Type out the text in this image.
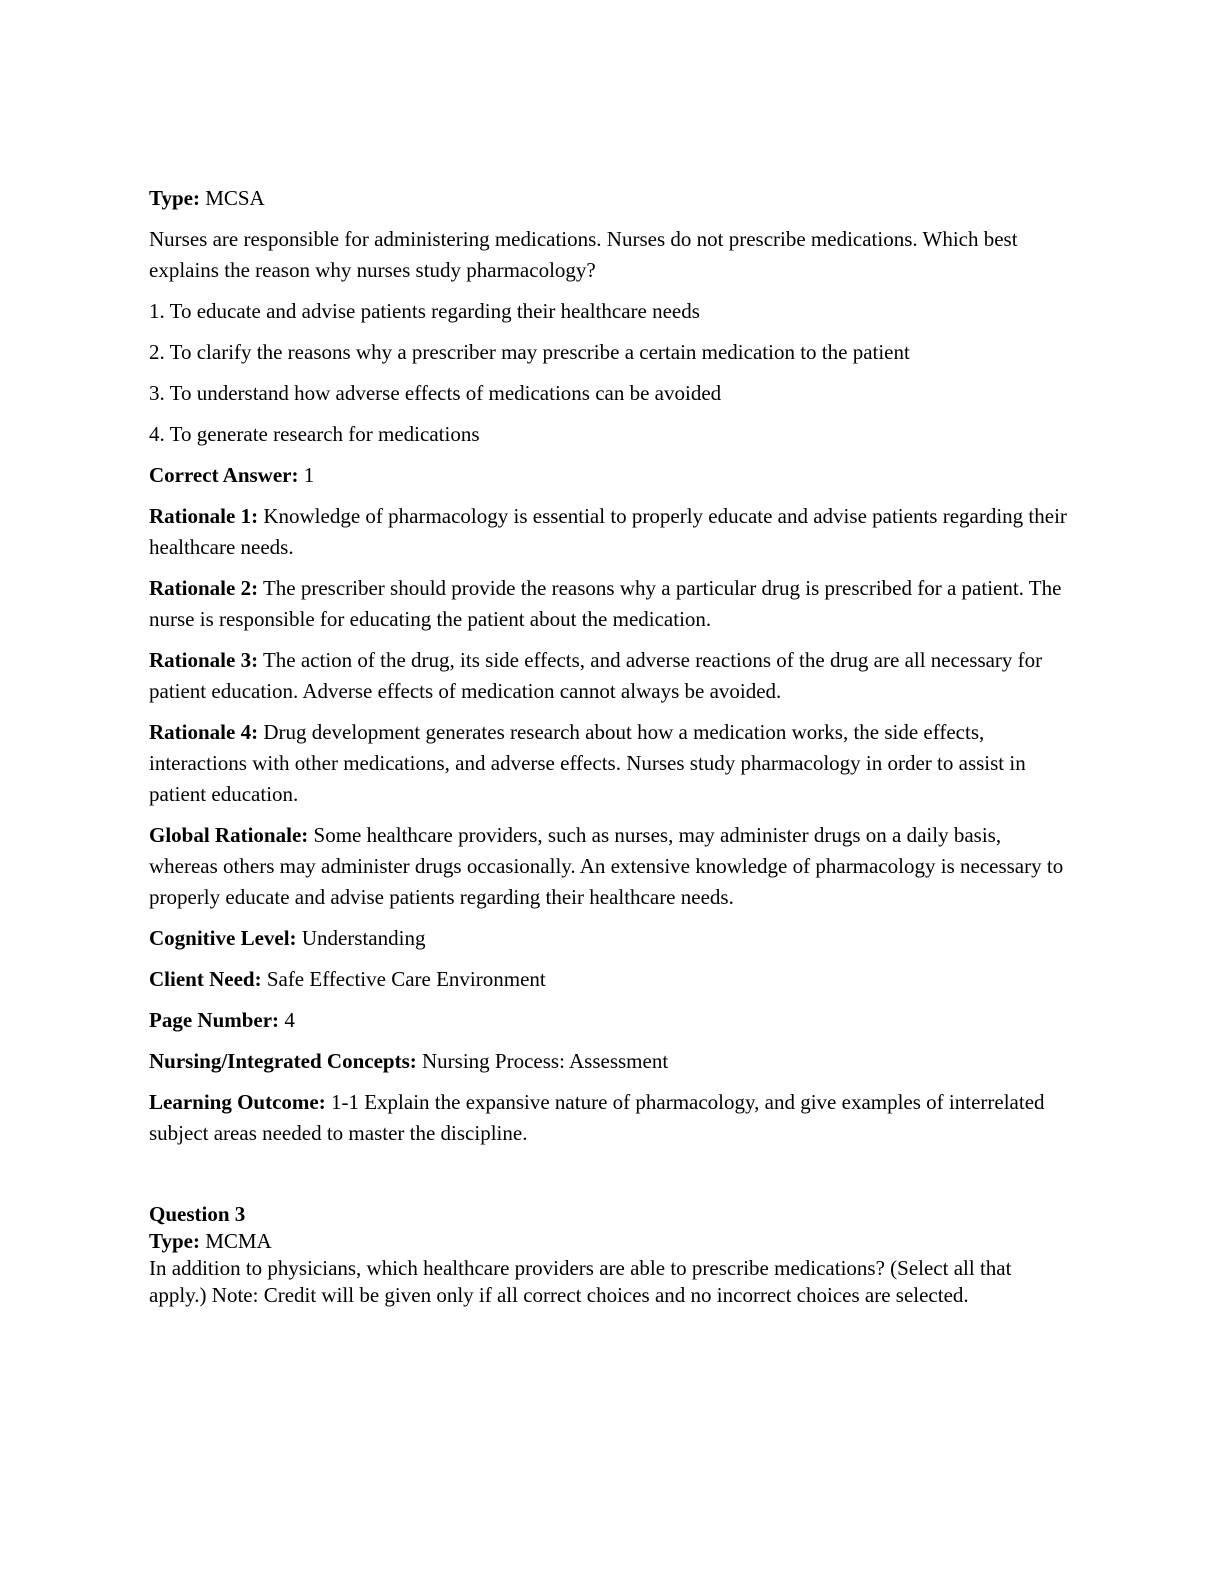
Type: MCSA

Nurses are responsible for administering medications. Nurses do not prescribe medications. Which best explains the reason why nurses study pharmacology?

1. To educate and advise patients regarding their healthcare needs

2. To clarify the reasons why a prescriber may prescribe a certain medication to the patient

3. To understand how adverse effects of medications can be avoided

4. To generate research for medications

Correct Answer: 1

Rationale 1: Knowledge of pharmacology is essential to properly educate and advise patients regarding their healthcare needs.

Rationale 2: The prescriber should provide the reasons why a particular drug is prescribed for a patient. The nurse is responsible for educating the patient about the medication.

Rationale 3: The action of the drug, its side effects, and adverse reactions of the drug are all necessary for patient education. Adverse effects of medication cannot always be avoided.

Rationale 4: Drug development generates research about how a medication works, the side effects, interactions with other medications, and adverse effects. Nurses study pharmacology in order to assist in patient education.

Global Rationale: Some healthcare providers, such as nurses, may administer drugs on a daily basis, whereas others may administer drugs occasionally. An extensive knowledge of pharmacology is necessary to properly educate and advise patients regarding their healthcare needs.

Cognitive Level: Understanding

Client Need: Safe Effective Care Environment

Page Number: 4

Nursing/Integrated Concepts: Nursing Process: Assessment

Learning Outcome: 1-1 Explain the expansive nature of pharmacology, and give examples of interrelated subject areas needed to master the discipline.

Question 3

Type: MCMA

In addition to physicians, which healthcare providers are able to prescribe medications? (Select all that apply.) Note: Credit will be given only if all correct choices and no incorrect choices are selected.
